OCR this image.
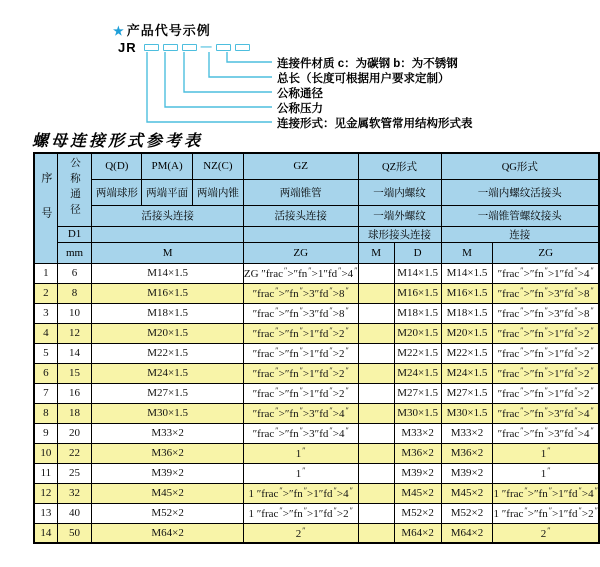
★ 产品代号示例
JR	—
连接件材质 c：为碳钢 b：为不锈钢
总长（长度可根据用户要求定制）
公称通径
公称压力
连接形式：见金属软管常用结构形式表
螺母连接形式参考表
序号	公称通径	Q(D)	PM(A)	NZ(C)	GZ	QZ形式		QG形式	
		两端球形	两端平面	两端内锥	两端锥管	一端内螺纹		一端内螺纹活接头	
		活接头连接			活接头连接	一端外螺纹		一端锥管螺纹接头	
	D1					球形接头连接		连接	
	mm	M			ZG	M	D	M	ZG
1	6	M14×1.5			ZG ″frac″>″fn″>1″fd″>4″		M14×1.5	M14×1.5	″frac″>″fn″>1″fd″>4″
2	8	M16×1.5			″frac″>″fn″>3″fd″>8″		M16×1.5	M16×1.5	″frac″>″fn″>3″fd″>8″
3	10	M18×1.5			″frac″>″fn″>3″fd″>8″		M18×1.5	M18×1.5	″frac″>″fn″>3″fd″>8″
4	12	M20×1.5			″frac″>″fn″>1″fd″>2″		M20×1.5	M20×1.5	″frac″>″fn″>1″fd″>2″
5	14	M22×1.5			″frac″>″fn″>1″fd″>2″		M22×1.5	M22×1.5	″frac″>″fn″>1″fd″>2″
6	15	M24×1.5			″frac″>″fn″>1″fd″>2″		M24×1.5	M24×1.5	″frac″>″fn″>1″fd″>2″
7	16	M27×1.5			″frac″>″fn″>1″fd″>2″		M27×1.5	M27×1.5	″frac″>″fn″>1″fd″>2″
8	18	M30×1.5			″frac″>″fn″>3″fd″>4″		M30×1.5	M30×1.5	″frac″>″fn″>3″fd″>4″
9	20	M33×2			″frac″>″fn″>3″fd″>4″		M33×2	M33×2	″frac″>″fn″>3″fd″>4″
10	22	M36×2			1″		M36×2	M36×2	1″
11	25	M39×2			1″		M39×2	M39×2	1″
12	32	M45×2			1 ″frac″>″fn″>1″fd″>4″		M45×2	M45×2	1 ″frac″>″fn″>1″fd″>4″
13	40	M52×2			1 ″frac″>″fn″>1″fd″>2″		M52×2	M52×2	1 ″frac″>″fn″>1″fd″>2″
14	50	M64×2			2″		M64×2	M64×2	2″
